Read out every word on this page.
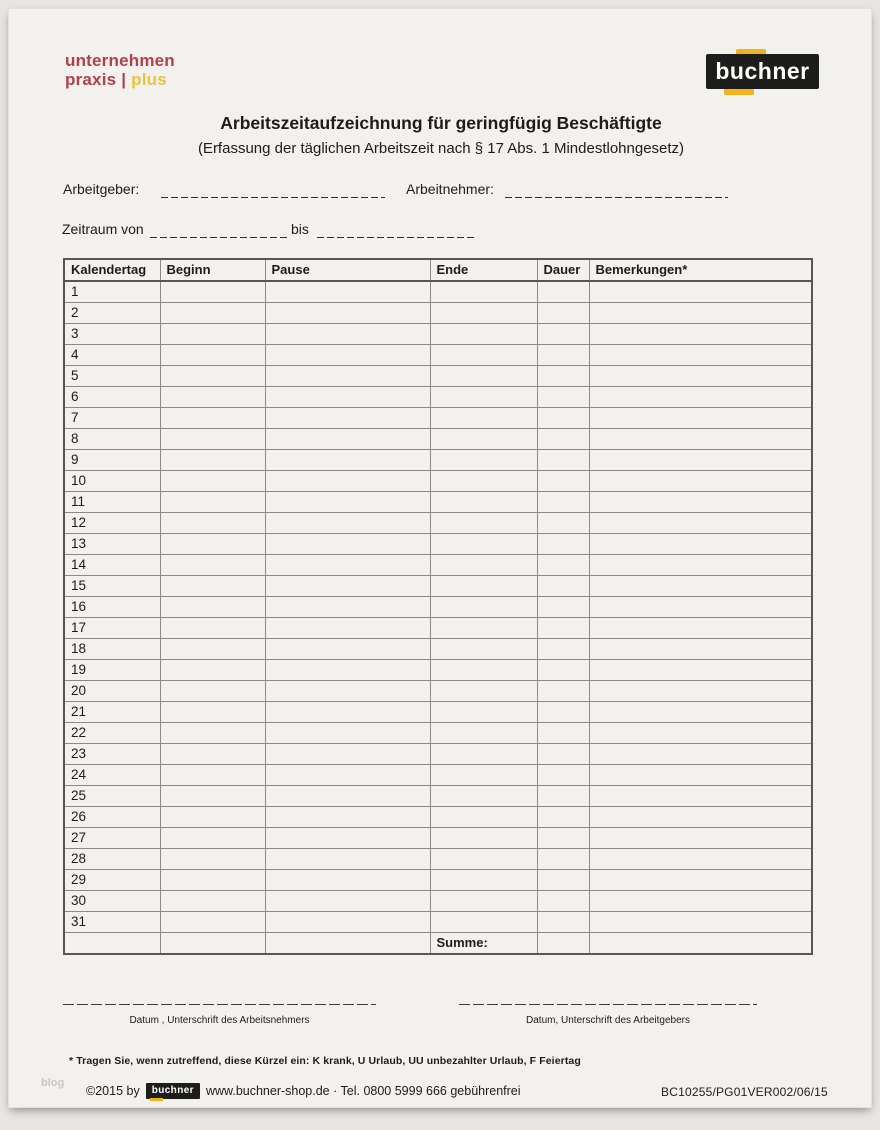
unternehmen
praxis | plus	buchner
Arbeitszeitaufzeichnung für geringfügig Beschäftigte
(Erfassung der täglichen Arbeitszeit nach § 17 Abs. 1 Mindestlohngesetz)
Arbeitgeber:	Arbeitnehmer:
Zeitraum von	bis
Kalendertag	Beginn	Pause	Ende	Dauer	Bemerkungen*
1					
2					
3					
4					
5					
6					
7					
8					
9					
10					
11					
12					
13					
14					
15					
16					
17					
18					
19					
20					
21					
22					
23					
24					
25					
26					
27					
28					
29					
30					
31					
			Summe:		
Datum , Unterschrift des Arbeitsnehmers	Datum, Unterschrift des Arbeitgebers
* Tragen Sie, wenn zutreffend, diese Kürzel ein: K krank, U Urlaub, UU unbezahlter Urlaub, F Feiertag
blog
©2015 by	buchner www.buchner-shop.de · Tel. 0800 5999 666 gebührenfrei	BC10255/PG01VER002/06/15
